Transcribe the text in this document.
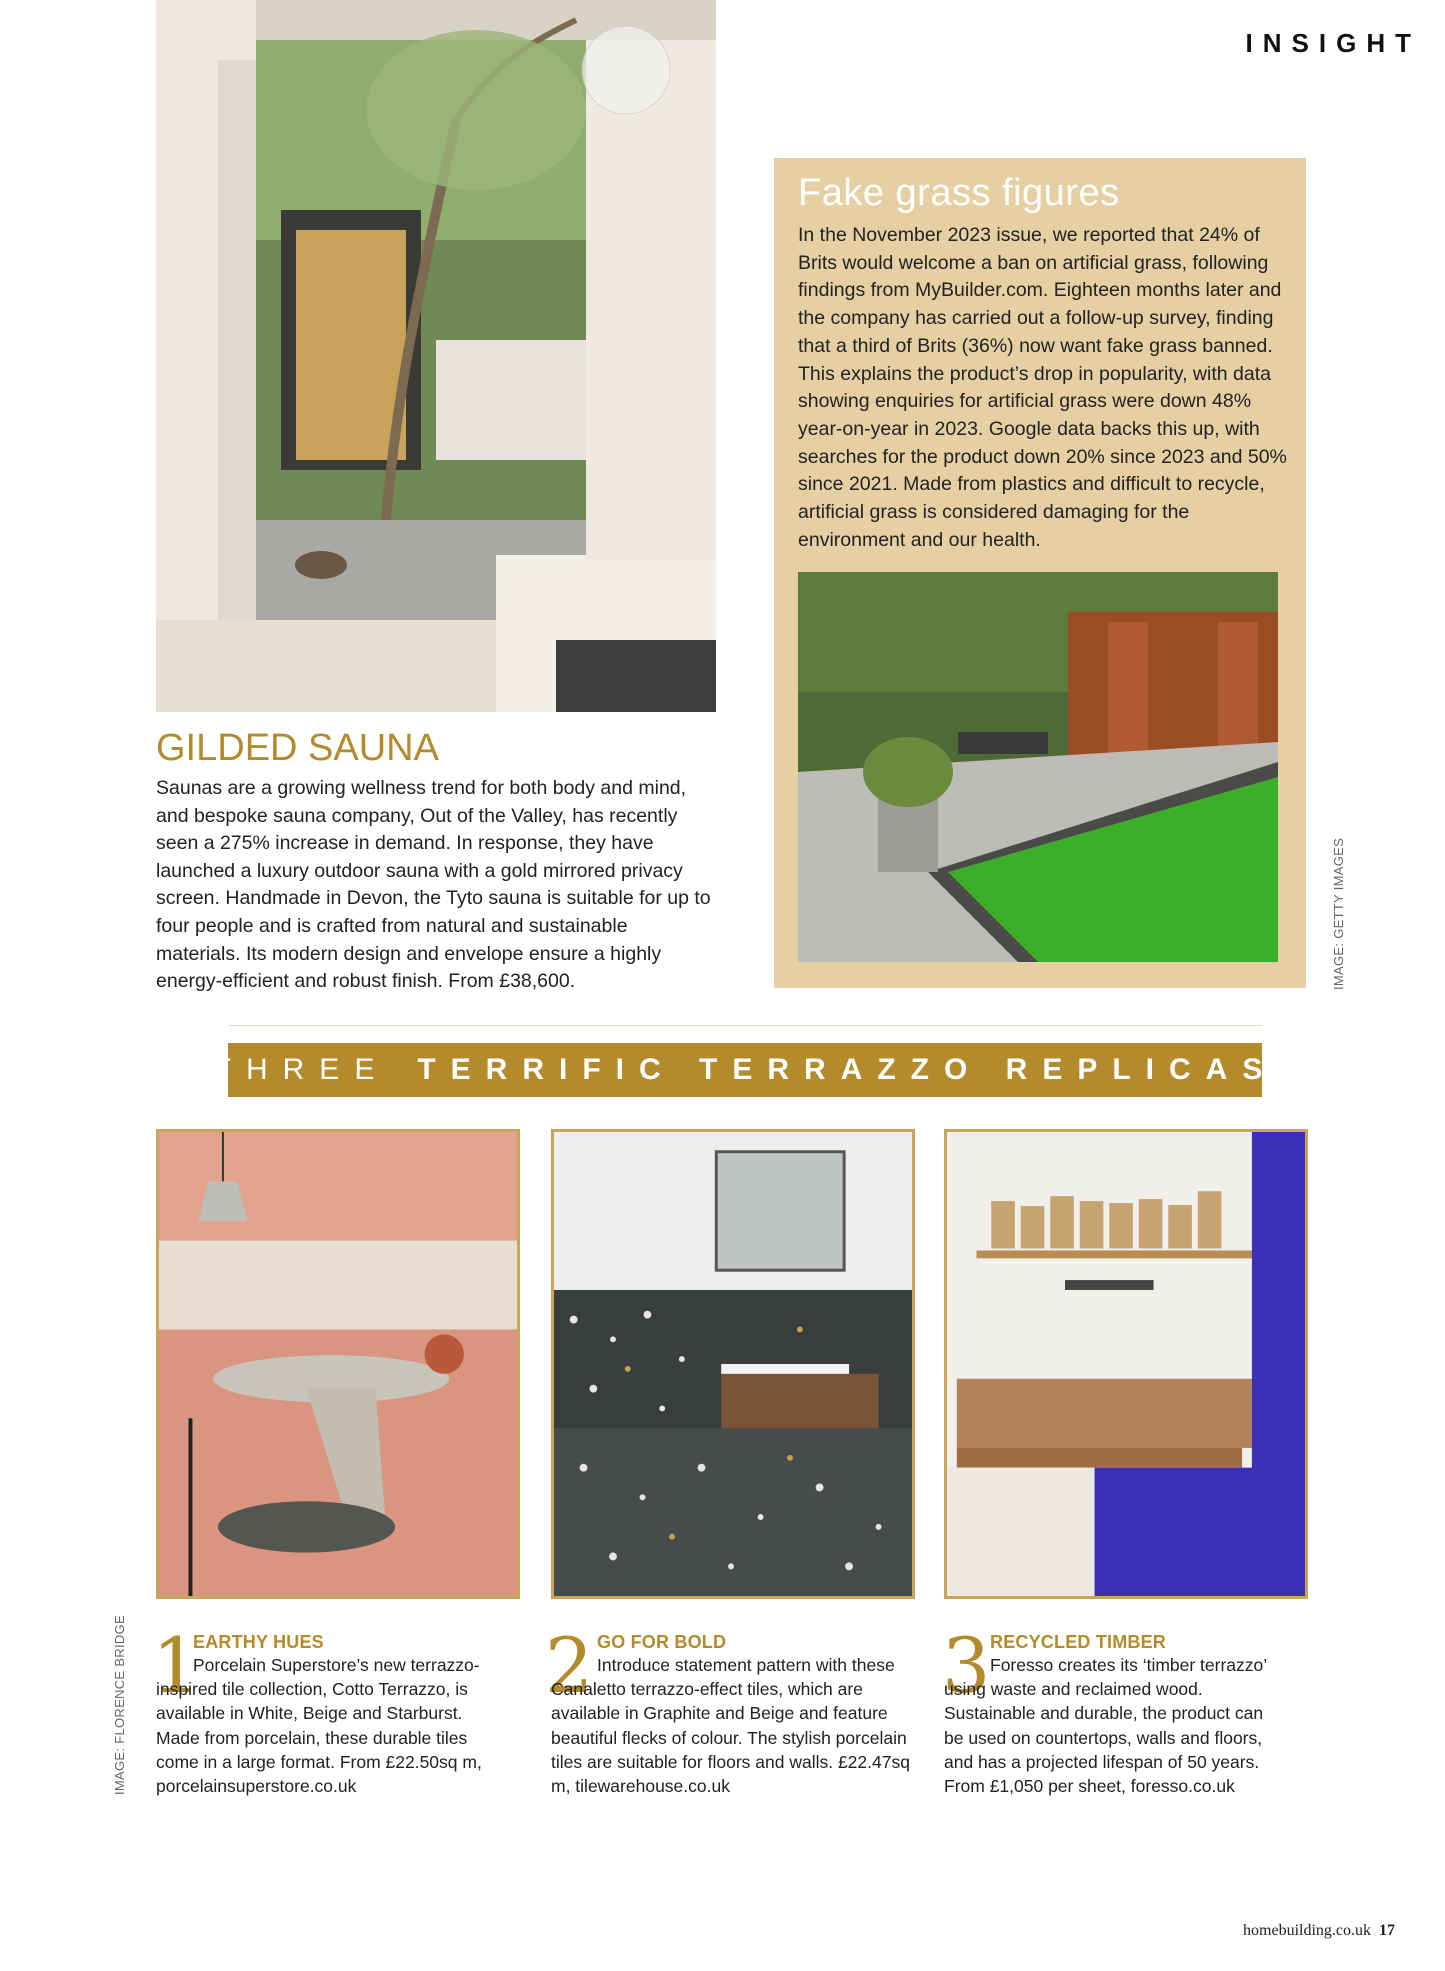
INSIGHT
Fake grass figures
In the November 2023 issue, we reported that 24% of Brits would welcome a ban on artificial grass, following findings from MyBuilder.com. Eighteen months later and the company has carried out a follow-up survey, finding that a third of Brits (36%) now want fake grass banned. This explains the product’s drop in popularity, with data showing enquiries for artificial grass were down 48% year-on-year in 2023. Google data backs this up, with searches for the product down 20% since 2023 and 50% since 2021. Made from plastics and difficult to recycle, artificial grass is considered damaging for the environment and our health.
IMAGE: GETTY IMAGES
IMAGE: FLORENCE BRIDGE
GILDED SAUNA
Saunas are a growing wellness trend for both body and mind, and bespoke sauna company, Out of the Valley, has recently seen a 275% increase in demand. In response, they have launched a luxury outdoor sauna with a gold mirrored privacy screen. Handmade in Devon, the Tyto sauna is suitable for up to four people and is crafted from natural and sustainable materials. Its modern design and envelope ensure a highly energy-efficient and robust finish. From £38,600.
THREE TERRIFIC TERRAZZO REPLICAS
1
EARTHY HUES
Porcelain Superstore’s new terrazzo-inspired tile collection, Cotto Terrazzo, is available in White, Beige and Starburst. Made from porcelain, these durable tiles come in a large format. From £22.50sq m, porcelainsuperstore.co.uk
2 GO FOR BOLD
Introduce statement pattern with these Canaletto terrazzo-effect tiles, which are available in Graphite and Beige and feature beautiful flecks of colour. The stylish porcelain tiles are suitable for floors and walls. £22.47sq m, tilewarehouse.co.uk
3 RECYCLED TIMBER
Foresso creates its ‘timber terrazzo’ using waste and reclaimed wood. Sustainable and durable, the product can be used on countertops, walls and floors, and has a projected lifespan of 50 years. From £1,050 per sheet, foresso.co.uk
homebuilding.co.uk 17
